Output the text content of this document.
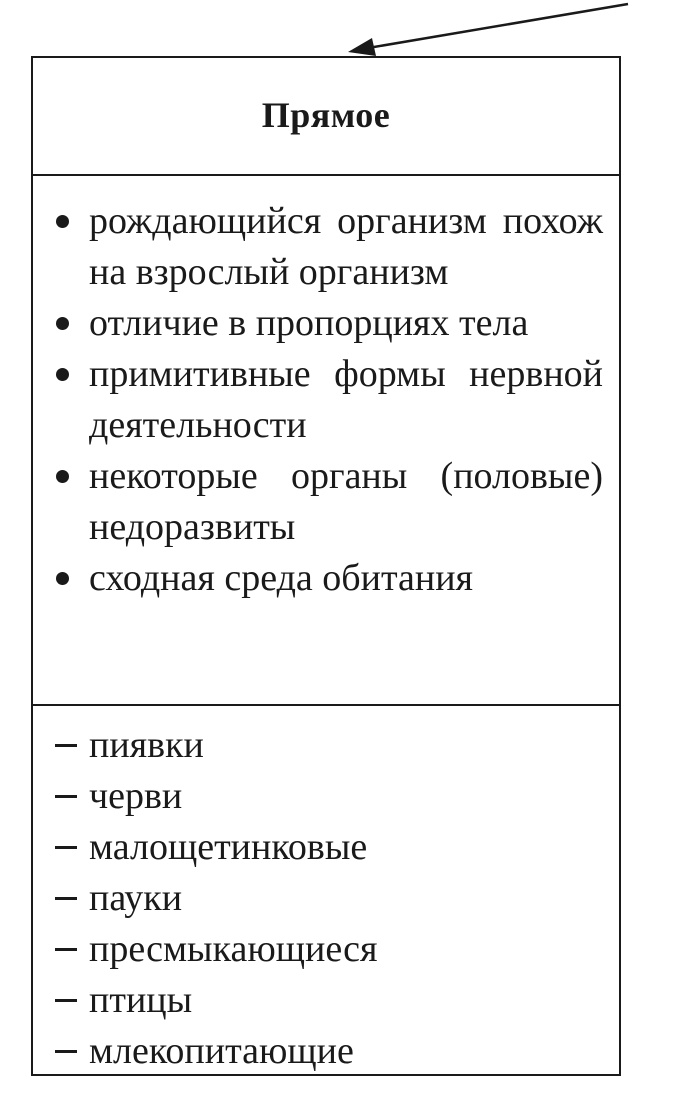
Прямое
рождающийся организм похож на взрослый организм
отличие в пропорциях тела
примитивные формы нервной деятельности
некоторые органы (половые) недоразвиты
сходная среда обитания
пиявки
черви
малощетинковые
пауки
пресмыкающиеся
птицы
млекопитающие
